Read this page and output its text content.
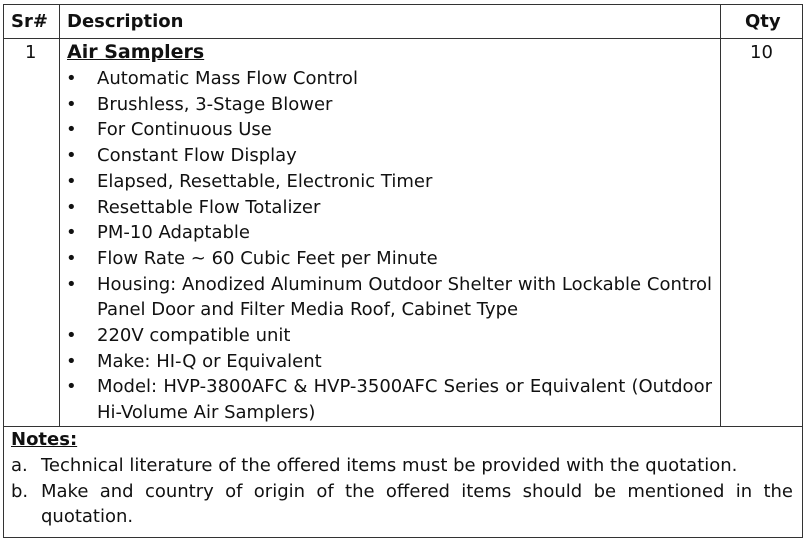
Sr# Description	Qty
1 Air Samplers	10
• Automatic Mass Flow Control
• Brushless, 3-Stage Blower
• For Continuous Use
• Constant Flow Display
• Elapsed, Resettable, Electronic Timer
• Resettable Flow Totalizer
• PM-10 Adaptable
• Flow Rate ~ 60 Cubic Feet per Minute
• Housing: Anodized Aluminum Outdoor Shelter with Lockable Control Panel Door and Filter Media Roof, Cabinet Type
• 220V compatible unit
• Make: HI-Q or Equivalent
• Model: HVP-3800AFC & HVP-3500AFC Series or Equivalent (Outdoor Hi-Volume Air Samplers)
Notes:
a. Technical literature of the offered items must be provided with the quotation.
b. Make and country of origin of the offered items should be mentioned in the quotation.
